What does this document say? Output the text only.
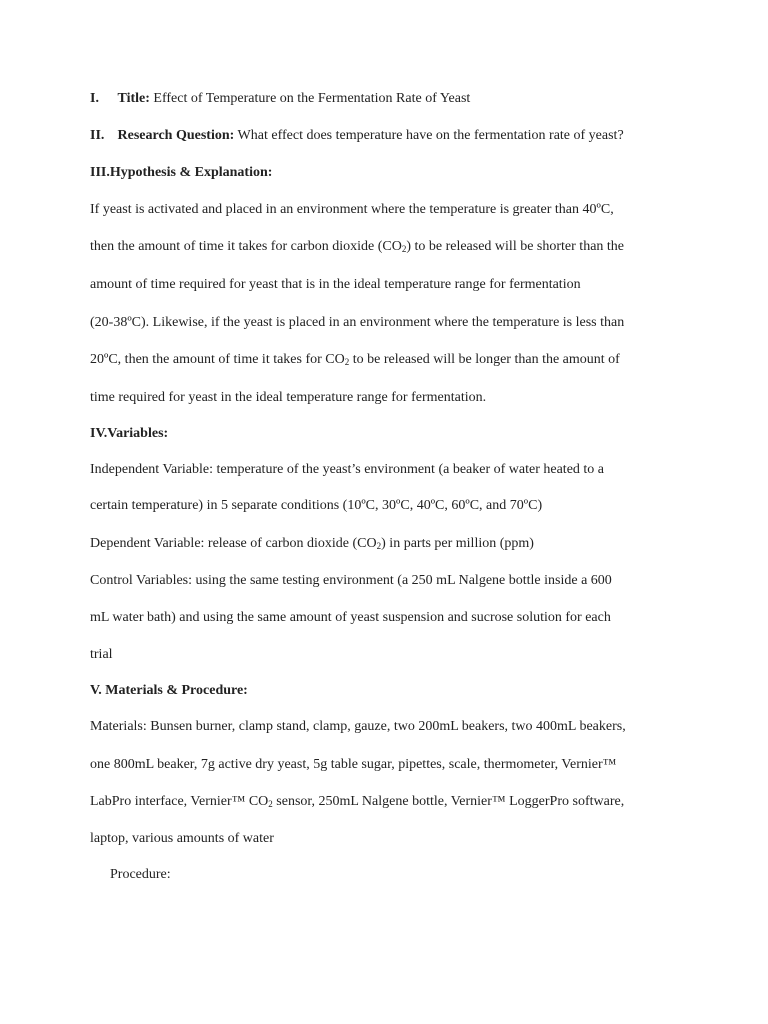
I. Title: Effect of Temperature on the Fermentation Rate of Yeast
II. Research Question: What effect does temperature have on the fermentation rate of yeast?
III.Hypothesis & Explanation:
If yeast is activated and placed in an environment where the temperature is greater than 40ºC,
then the amount of time it takes for carbon dioxide $(CO_2)$ to be released will be shorter than the
amount of time required for yeast that is in the ideal temperature range for fermentation
(20-38ºC). Likewise, if the yeast is placed in an environment where the temperature is less than
20ºC, then the amount of time it takes for $CO_2$ to be released will be longer than the amount of
time required for yeast in the ideal temperature range for fermentation.
IV.Variables:
Independent Variable: temperature of the yeast’s environment (a beaker of water heated to a
certain temperature) in 5 separate conditions (10ºC, 30ºC, 40ºC, 60ºC, and 70ºC)
Dependent Variable: release of carbon dioxide $(CO_2)$ in parts per million (ppm)
Control Variables: using the same testing environment (a 250 mL Nalgene bottle inside a 600
mL water bath) and using the same amount of yeast suspension and sucrose solution for each
trial
V. Materials & Procedure:
Materials: Bunsen burner, clamp stand, clamp, gauze, two 200mL beakers, two 400mL beakers,
one 800mL beaker, 7g active dry yeast, 5g table sugar, pipettes, scale, thermometer, Vernier™
LabPro interface, Vernier™ $CO_2$ sensor, 250mL Nalgene bottle, Vernier™ LoggerPro software,
laptop, various amounts of water
Procedure:
